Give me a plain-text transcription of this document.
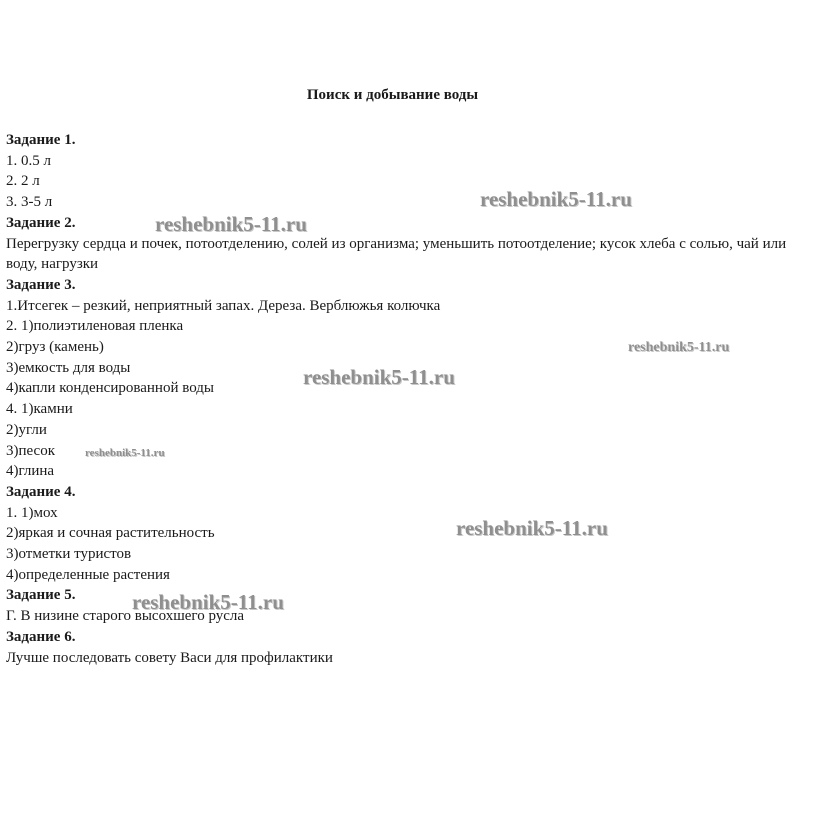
Поиск и добывание воды
Задание 1.
1. 0.5 л
2. 2 л
3. 3-5 л
Задание 2.
Перегрузку сердца и почек, потоотделению, солей из организма; уменьшить потоотделение; кусок хлеба с солью, чай или воду, нагрузки
Задание 3.
1.Итсегек – резкий, неприятный запах. Дереза. Верблюжья колючка
2. 1)полиэтиленовая пленка
2)груз (камень)
3)емкость для воды
4)капли конденсированной воды
4. 1)камни
2)угли
3)песок
4)глина
Задание 4.
1. 1)мох
2)яркая и сочная растительность
3)отметки туристов
4)определенные растения
Задание 5.
Г. В низине старого высохшего русла
Задание 6.
Лучше последовать совету Васи для профилактики
reshebnik5-11.ru
reshebnik5-11.ru
reshebnik5-11.ru
reshebnik5-11.ru
reshebnik5-11.ru
reshebnik5-11.ru
reshebnik5-11.ru
